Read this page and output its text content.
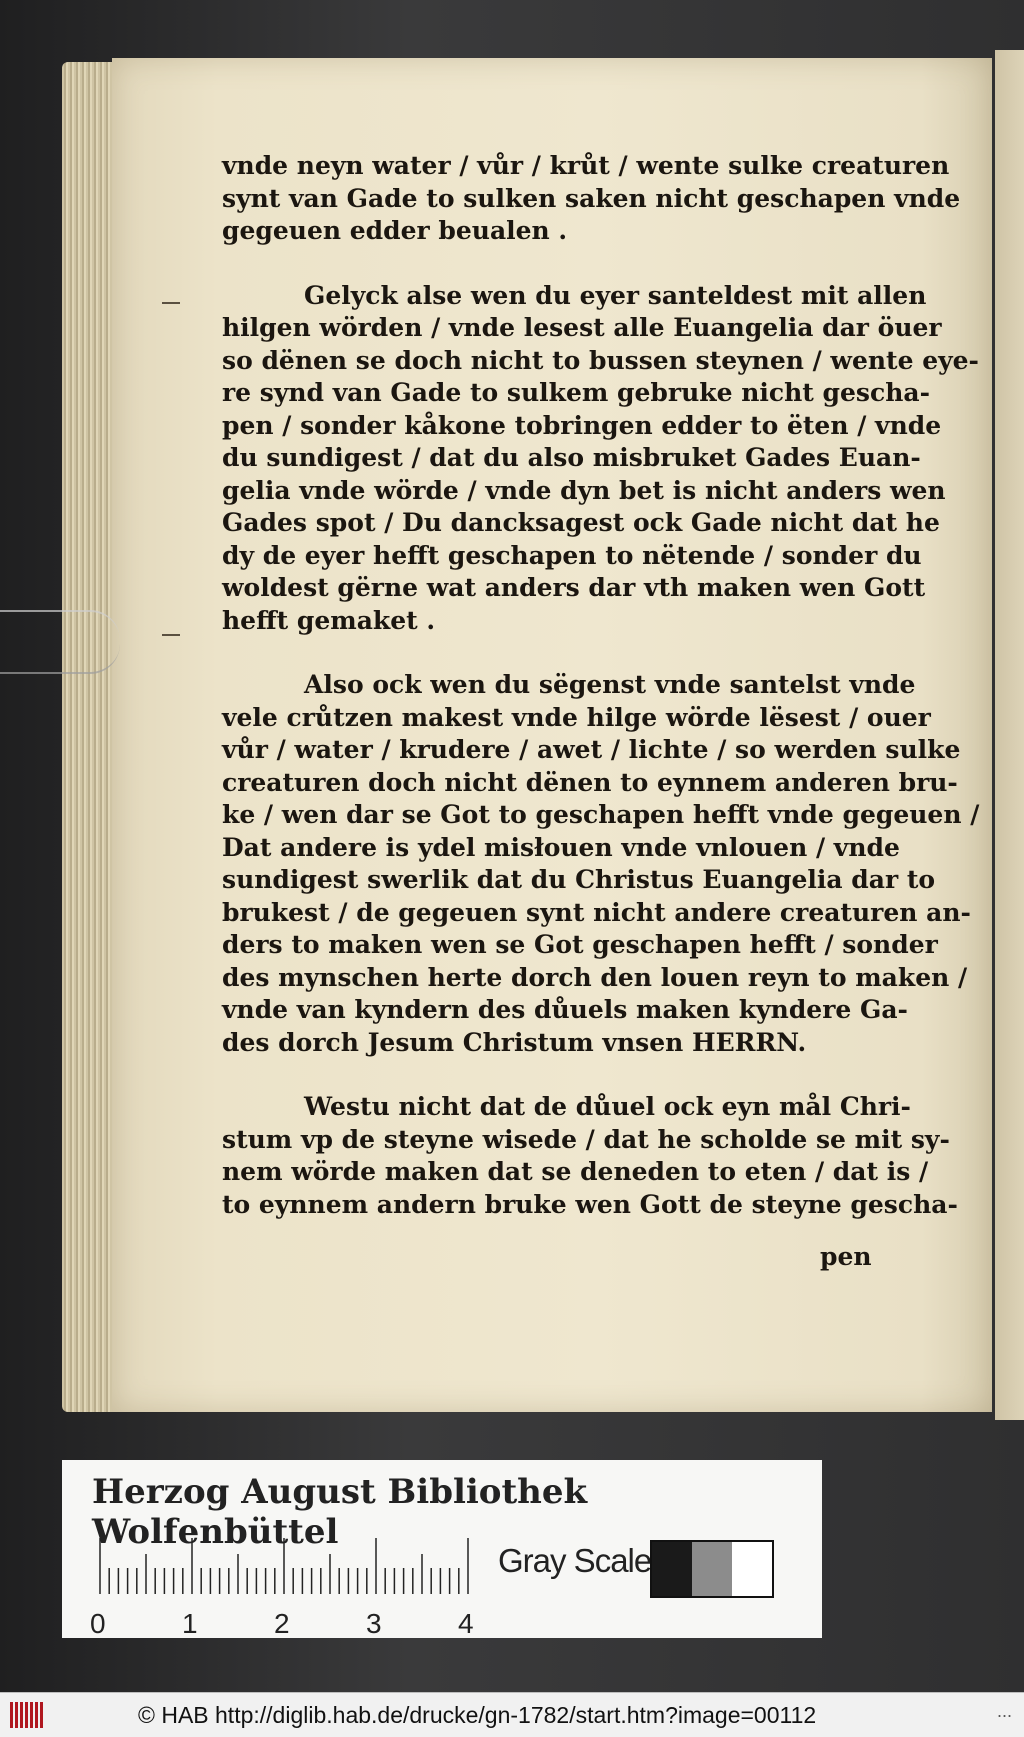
vnde neyn water / vůr / krůt / wente sulke creaturen
synt van Gade to sulken saken nicht geschapen vnde
gegeuen edder beualen .
Gelyck alse wen du eyer santeldest mit allen
hilgen wörden / vnde lesest alle Euangelia dar öuer
so dënen se doch nicht to bussen steynen / wente eye-
re synd van Gade to sulkem gebruke nicht gescha-
pen / sonder kåkone tobringen edder to ëten / vnde
du sundigest / dat du also misbruket Gades Euan-
gelia vnde wörde / vnde dyn bet is nicht anders wen
Gades spot / Du dancksagest ock Gade nicht dat he
dy de eyer hefft geschapen to nëtende / sonder du
woldest gërne wat anders dar vth maken wen Gott
hefft gemaket .
Also ock wen du sëgenst vnde santelst vnde
vele crůtzen makest vnde hilge wörde lësest / ouer
vůr / water / krudere / awet / lichte / so werden sulke
creaturen doch nicht dënen to eynnem anderen bru-
ke / wen dar se Got to geschapen hefft vnde gegeuen /
Dat andere is ydel misłouen vnde vnlouen / vnde
sundigest swerlik dat du Christus Euangelia dar to
brukest / de gegeuen synt nicht andere creaturen an-
ders to maken wen se Got geschapen hefft / sonder
des mynschen herte dorch den louen reyn to maken /
vnde van kyndern des důuels maken kyndere Ga-
des dorch Jesum Christum vnsen HERRN.
Westu nicht dat de důuel ock eyn mål Chri-
stum vp de steyne wisede / dat he scholde se mit sy-
nem wörde maken dat se deneden to eten / dat is /
to eynnem andern bruke wen Gott de steyne gescha-
pen
Herzog August Bibliothek Wolfenbüttel
0	1	2	3	4
Gray Scale
© HAB http://diglib.hab.de/drucke/gn-1782/start.htm?image=00112	...
